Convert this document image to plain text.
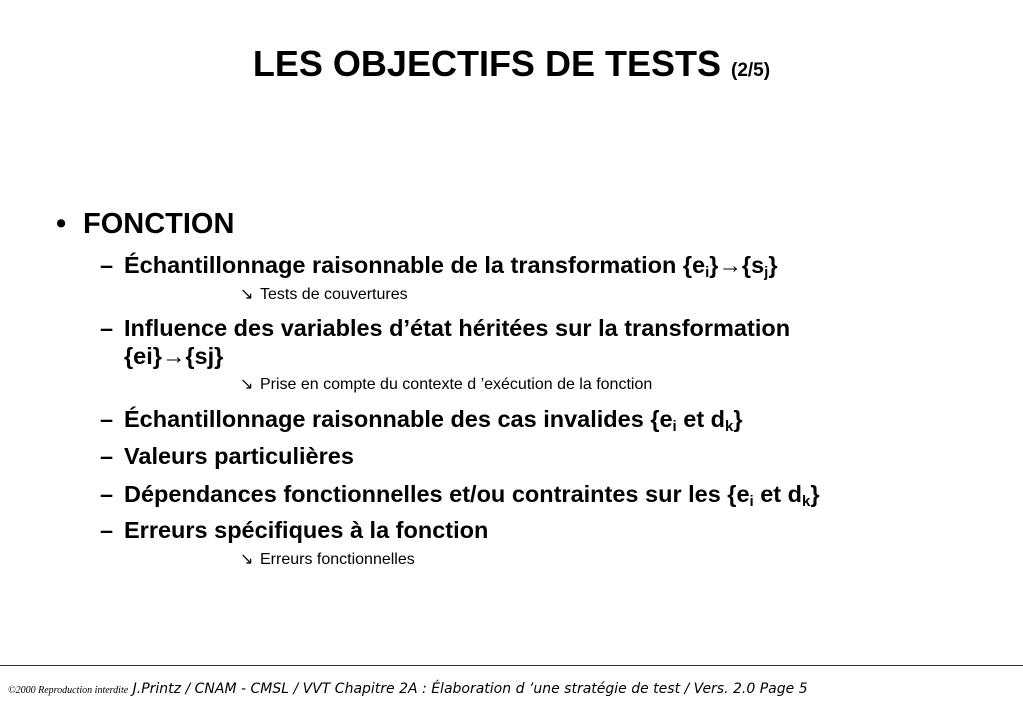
LES OBJECTIFS DE TESTS (2/5)
• FONCTION
– Échantillonnage raisonnable de la transformation $\{e_i\}\to\{s_j\}$
↘ Tests de couvertures
– Influence des variables d’état héritées sur la transformation
{ei}→{sj}
↘ Prise en compte du contexte d ’exécution de la fonction
– Échantillonnage raisonnable des cas invalides {$e_i$ et $d_k$}
– Valeurs particulières
– Dépendances fonctionnelles et/ou contraintes sur les {$e_i$ et $d_k$}
– Erreurs spécifiques à la fonction
↘ Erreurs fonctionnelles
©2000 Reproduction interdite J.Printz / CNAM - CMSL / VVT Chapitre 2A : Élaboration d ’une stratégie de test / Vers. 2.0 Page 5
